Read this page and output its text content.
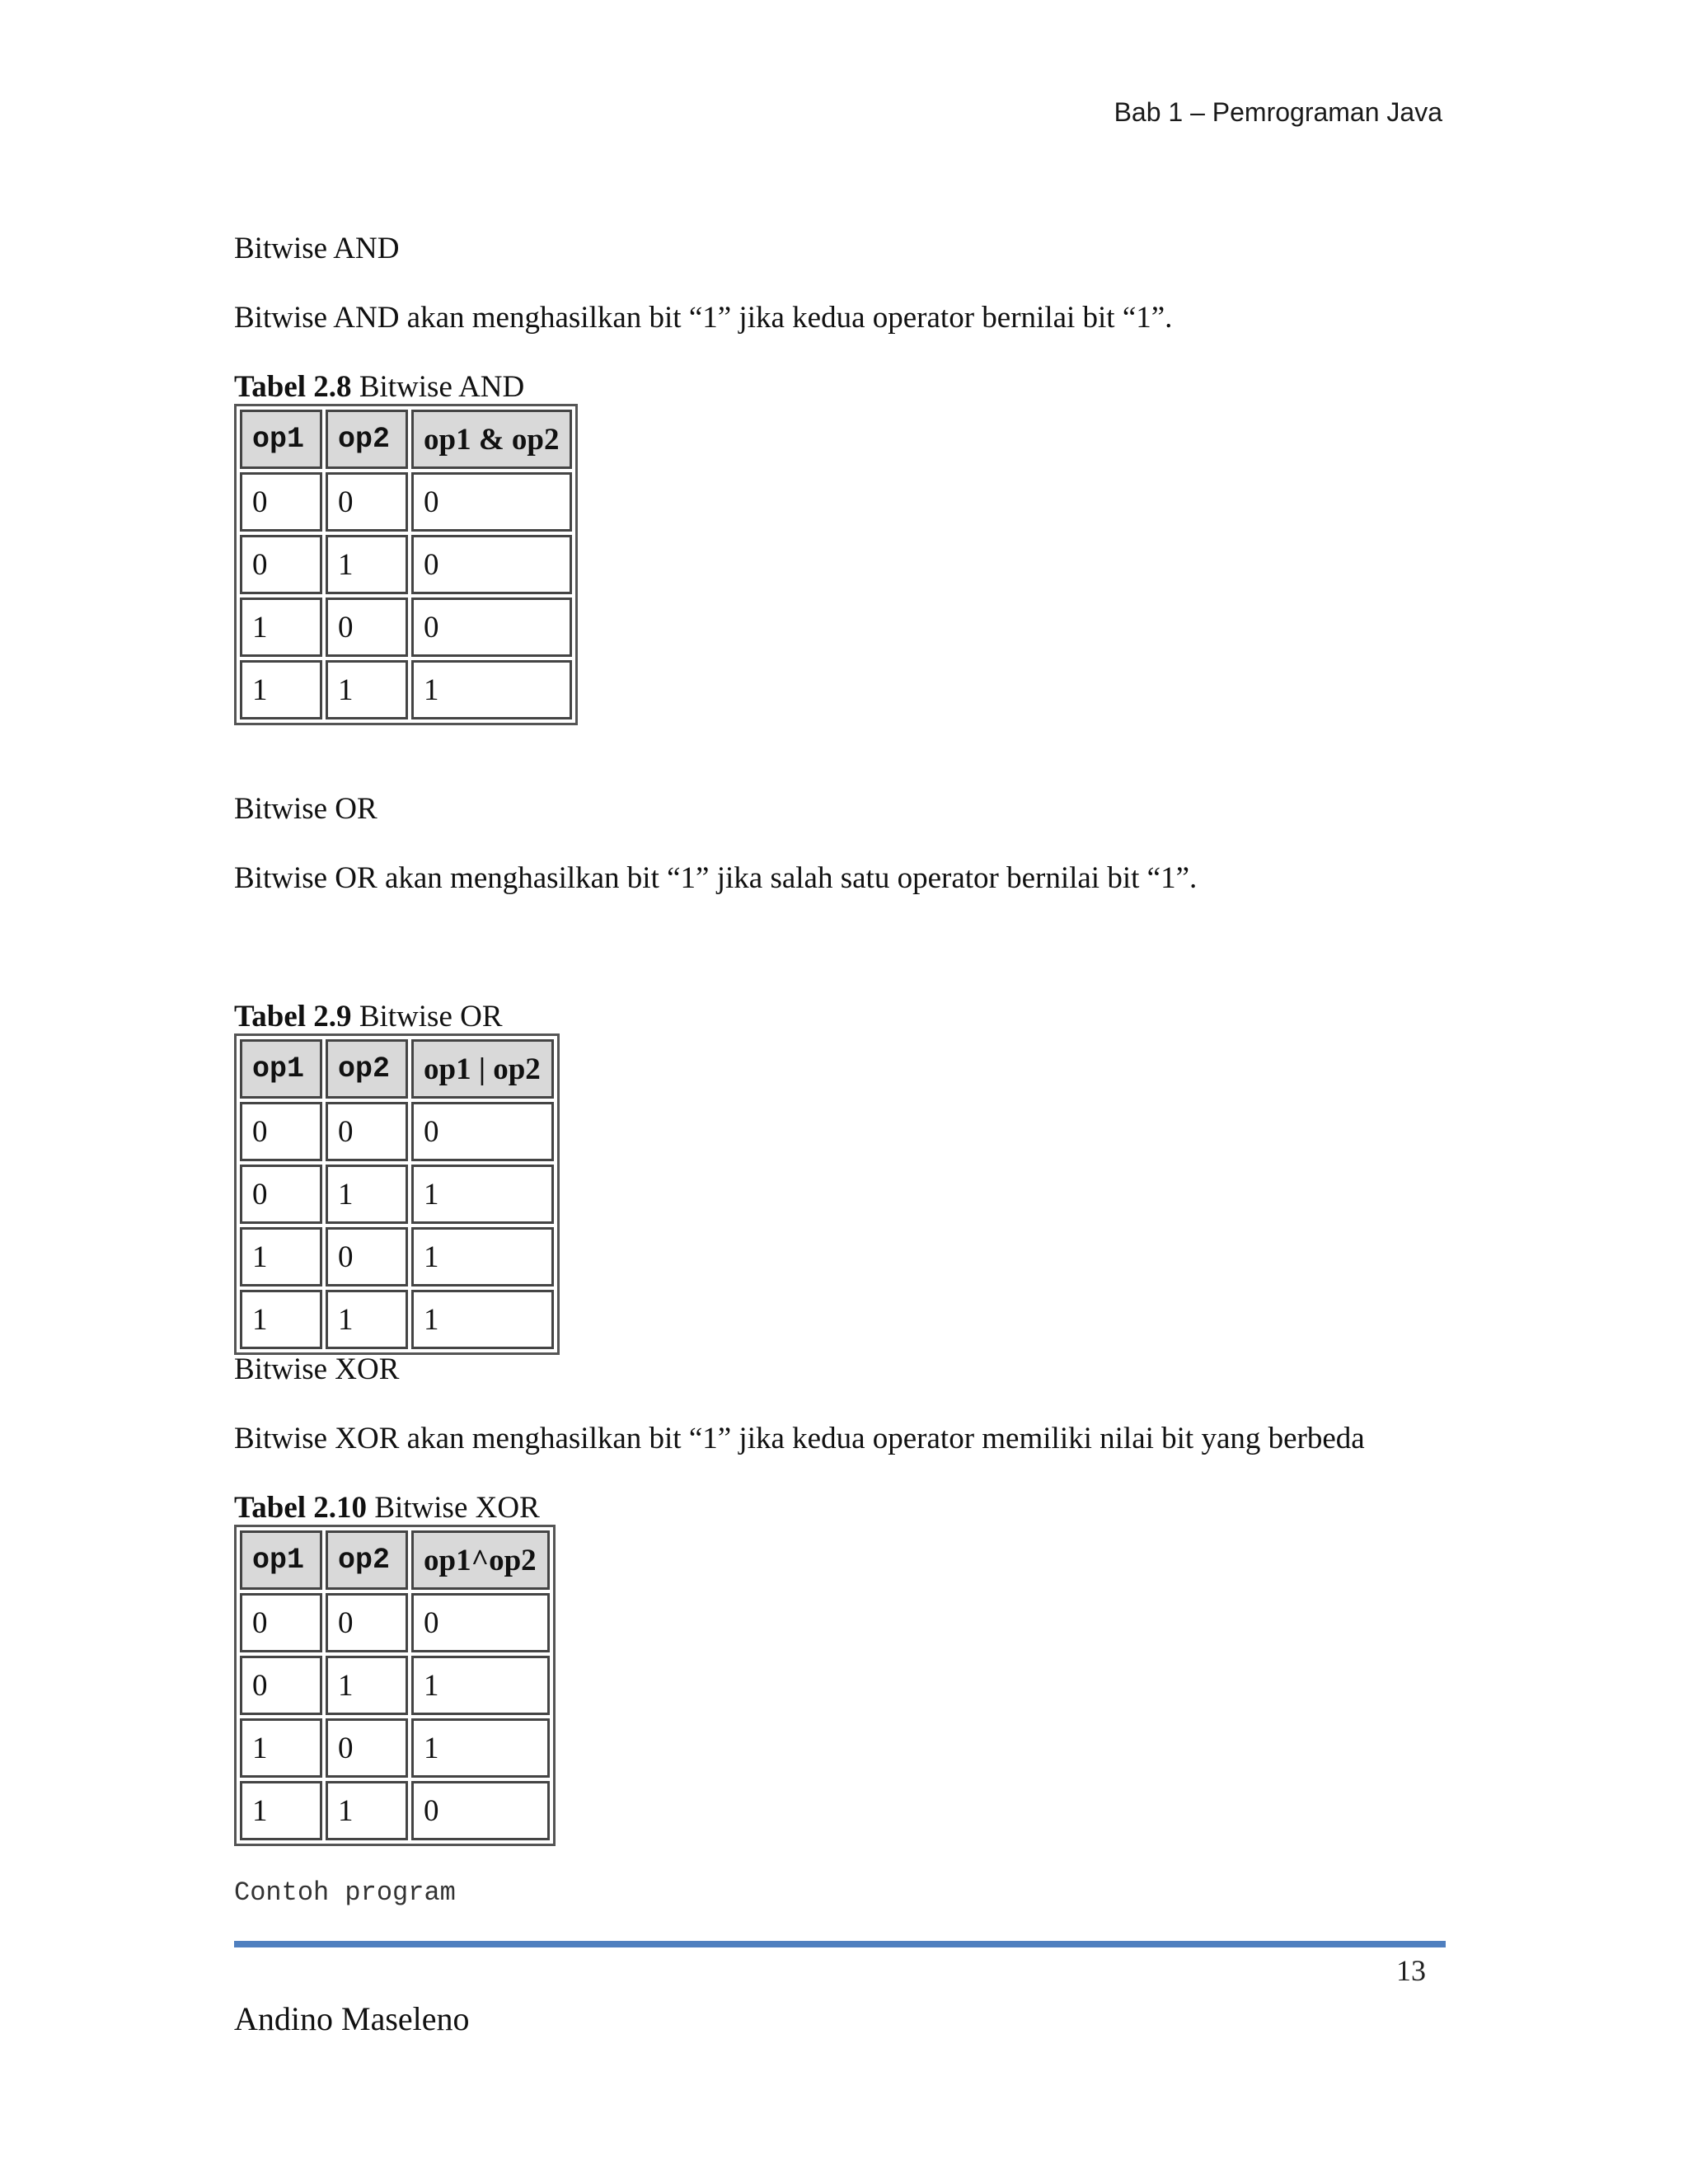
Bab 1 – Pemrograman Java
Bitwise AND
Bitwise AND akan menghasilkan bit “1” jika kedua operator bernilai bit “1”.
Tabel 2.8 Bitwise AND
op1	op2	op1 & op2
0	0	0
0	1	0
1	0	0
1	1	1
Bitwise OR
Bitwise OR akan menghasilkan bit “1” jika salah satu operator bernilai bit “1”.
Tabel 2.9 Bitwise OR
op1	op2	op1 | op2
0	0	0
0	1	1
1	0	1
1	1	1
Bitwise XOR
Bitwise XOR akan menghasilkan bit “1” jika kedua operator memiliki nilai bit yang berbeda
Tabel 2.10 Bitwise XOR
op1	op2	op1^op2
0	0	0
0	1	1
1	0	1
1	1	0
Contoh program
13
Andino Maseleno
